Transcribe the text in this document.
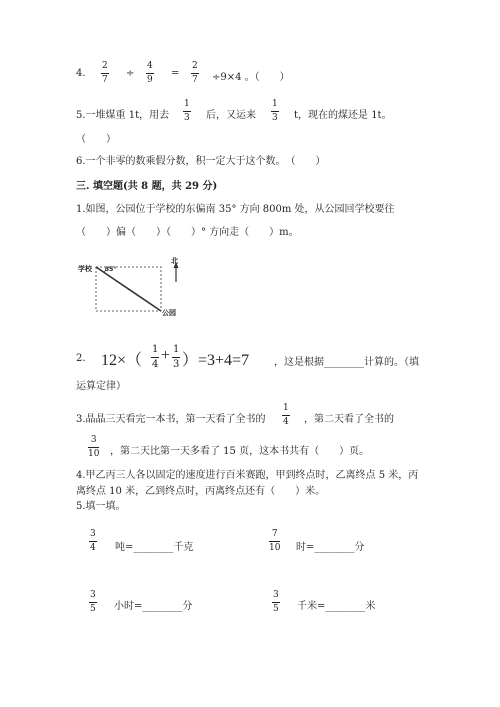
4. $\frac{2}{7} \div \frac{4}{9} = \frac{2}{7} \div 9\times 4$ 。（　　）
5.一堆煤重 1t，用去 $\frac{1}{3}$ 后，又运来 $\frac{1}{3}$ t，现在的煤还是 1t。
（　　）
6.一个非零的数乘假分数，积一定大于这个数。　（　　）
三. 填空题(共 8 题，共 29 分)
1.如图，公园位于学校的东偏南 35° 方向 800m 处，从公园回学校要往
（　　）偏（　　）（　　）° 方向走（　　）m。
学校 35°
公园
北
2. $12\times( \frac{1}{4} + \frac{1}{3} )=3+4=7$ ，这是根据________计算的。（填
运算定律）
3.晶晶三天看完一本书，第一天看了全书的 $\frac{1}{4}$ ，第二天看了全书的
$\frac{3}{10}$ ，第二天比第一天多看了 15 页，这本书共有（　　）页。
4.甲乙丙三人各以固定的速度进行百米赛跑，甲到终点时，乙离终点 5 米，丙
离终点 10 米，乙到终点时，丙离终点还有（　　）米。
5.填一填。
$\frac{3}{4}$ 吨=________千克	$\frac{7}{10}$ 时=________分
$\frac{3}{5}$ 小时=________分	$\frac{3}{5}$ 千米=________米
